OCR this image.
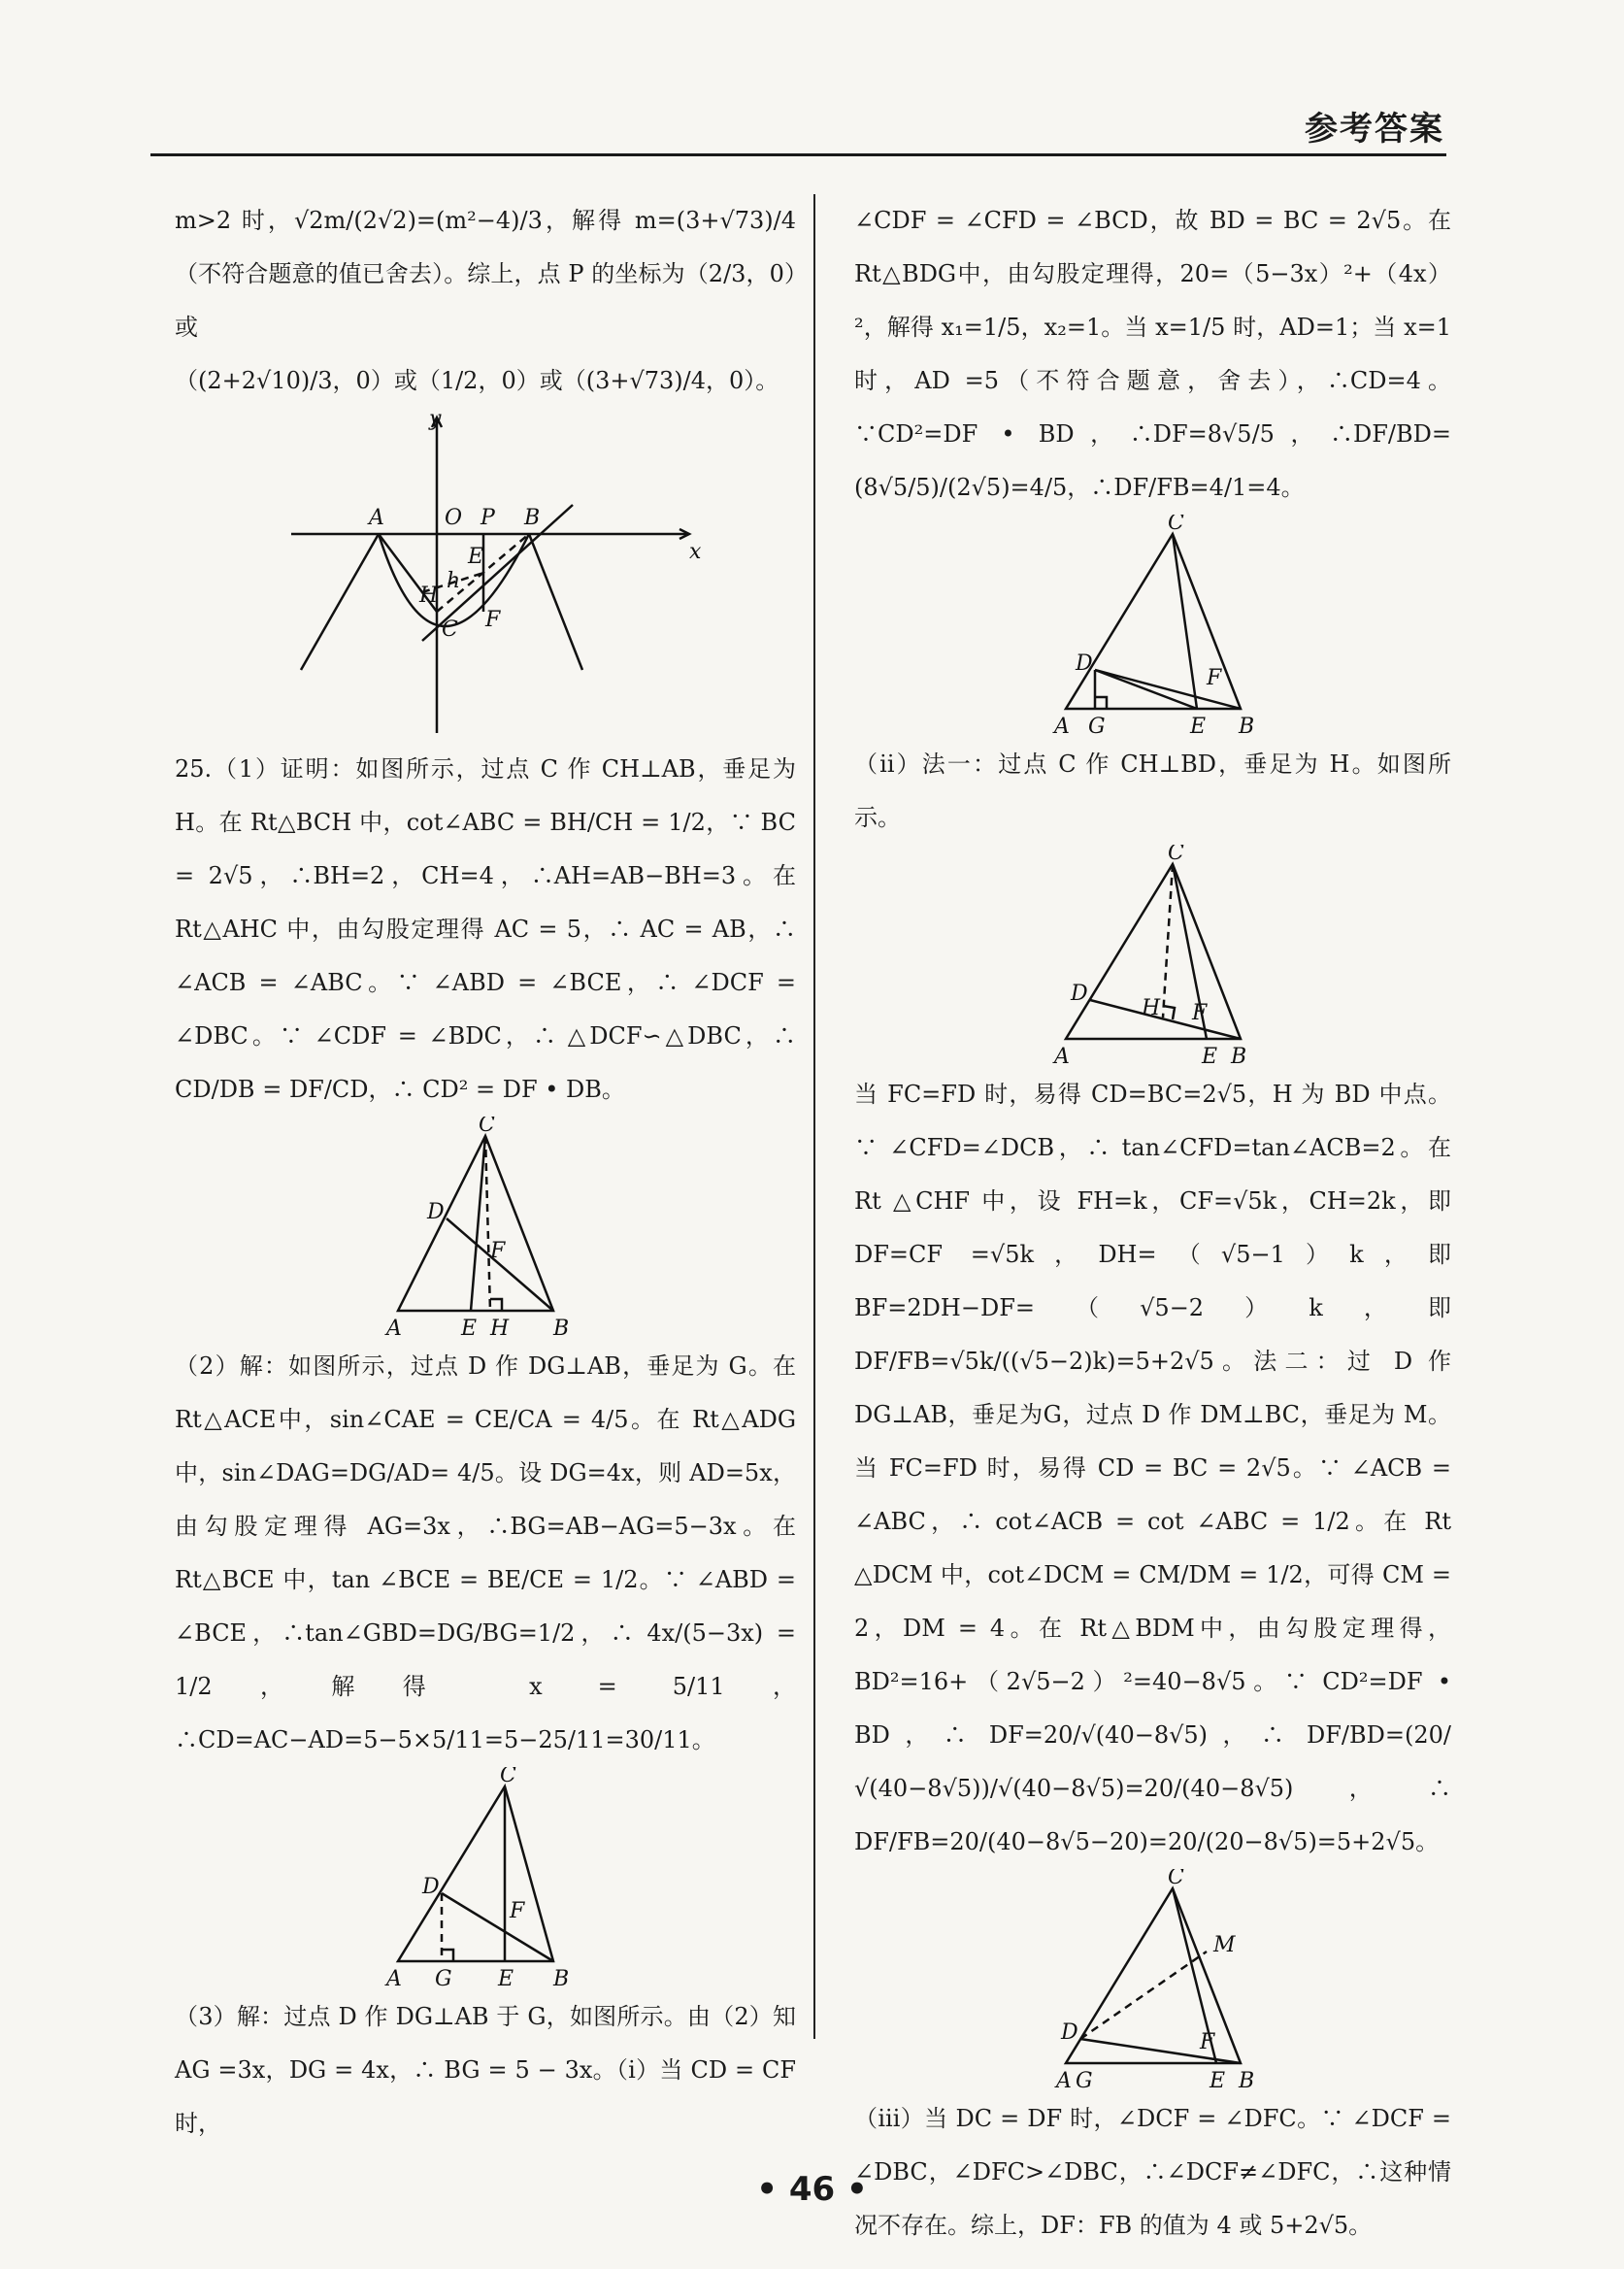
参考答案

m>2 时，√2m/(2√2)=(m²−4)/3，解得 m=(3+√73)/4（不符合题意的值已舍去）。综上，点 P 的坐标为（2/3，0）或

（(2+2√10)/3，0）或（1/2，0）或（(3+√73)/4，0）。

y
x
A	O P B
E
H
h
C F

25.（1）证明：如图所示，过点 C 作 CH⊥AB，垂足为 H。在 Rt△BCH 中，cot∠ABC = BH/CH = 1/2，∵ BC = 2√5，∴BH=2，CH=4，∴AH=AB−BH=3。在 Rt△AHC 中，由勾股定理得 AC = 5，∴ AC = AB，∴ ∠ACB = ∠ABC。∵ ∠ABD = ∠BCE，∴ ∠DCF = ∠DBC。∵ ∠CDF = ∠BDC，∴ △DCF∽△DBC，∴ CD/DB = DF/CD，∴ CD² = DF • DB。

C
D
F
A	E H B

（2）解：如图所示，过点 D 作 DG⊥AB，垂足为 G。在 Rt△ACE中，sin∠CAE = CE/CA = 4/5。在 Rt△ADG 中，sin∠DAG=DG/AD= 4/5。设 DG=4x，则 AD=5x，由勾股定理得 AG=3x，∴BG=AB−AG=5−3x。在 Rt△BCE 中，tan ∠BCE = BE/CE = 1/2。∵ ∠ABD = ∠BCE，∴tan∠GBD=DG/BG=1/2，∴ 4x/(5−3x) = 1/2，解得 x = 5/11，∴CD=AC−AD=5−5×5/11=5−25/11=30/11。

C
D
F
A G E B

（3）解：过点 D 作 DG⊥AB 于 G，如图所示。由（2）知 AG =3x，DG = 4x，∴ BG = 5 − 3x。（i）当 CD = CF 时，

∠CDF = ∠CFD = ∠BCD，故 BD = BC = 2√5。在 Rt△BDG中，由勾股定理得，20=（5−3x）²+（4x）²，解得 x₁=1/5，x₂=1。当 x=1/5 时，AD=1；当 x=1 时，AD =5（不符合题意，舍去），∴CD=4。∵CD²=DF • BD，∴DF=8√5/5，∴DF/BD=(8√5/5)/(2√5)=4/5，∴DF/FB=4/1=4。

C
D
F
A G	E B

（ii）法一：过点 C 作 CH⊥BD，垂足为 H。如图所示。

C
D
H F
A	E B

当 FC=FD 时，易得 CD=BC=2√5，H 为 BD 中点。∵ ∠CFD=∠DCB，∴ tan∠CFD=tan∠ACB=2。在 Rt △CHF 中，设 FH=k，CF=√5k，CH=2k，即 DF=CF =√5k，DH=（√5−1）k，即 BF=2DH−DF=（√5−2）k，即DF/FB=√5k/((√5−2)k)=5+2√5。法二：过 D 作 DG⊥AB，垂足为G，过点 D 作 DM⊥BC，垂足为 M。当 FC=FD 时，易得 CD = BC = 2√5。∵ ∠ACB = ∠ABC，∴ cot∠ACB = cot ∠ABC = 1/2。在 Rt △DCM 中，cot∠DCM = CM/DM = 1/2，可得 CM = 2，DM = 4。在 Rt△BDM中，由勾股定理得，BD²=16+（2√5−2）²=40−8√5。∵ CD²=DF • BD，∴ DF=20/√(40−8√5)，∴ DF/BD=(20/√(40−8√5))/√(40−8√5)=20/(40−8√5)，∴ DF/FB=20/(40−8√5−20)=20/(20−8√5)=5+2√5。

C
M
D	F
A G	E B

（iii）当 DC = DF 时，∠DCF = ∠DFC。∵ ∠DCF = ∠DBC，∠DFC>∠DBC，∴∠DCF≠∠DFC，∴这种情况不存在。综上，DF：FB 的值为 4 或 5+2√5。

• 46 •
